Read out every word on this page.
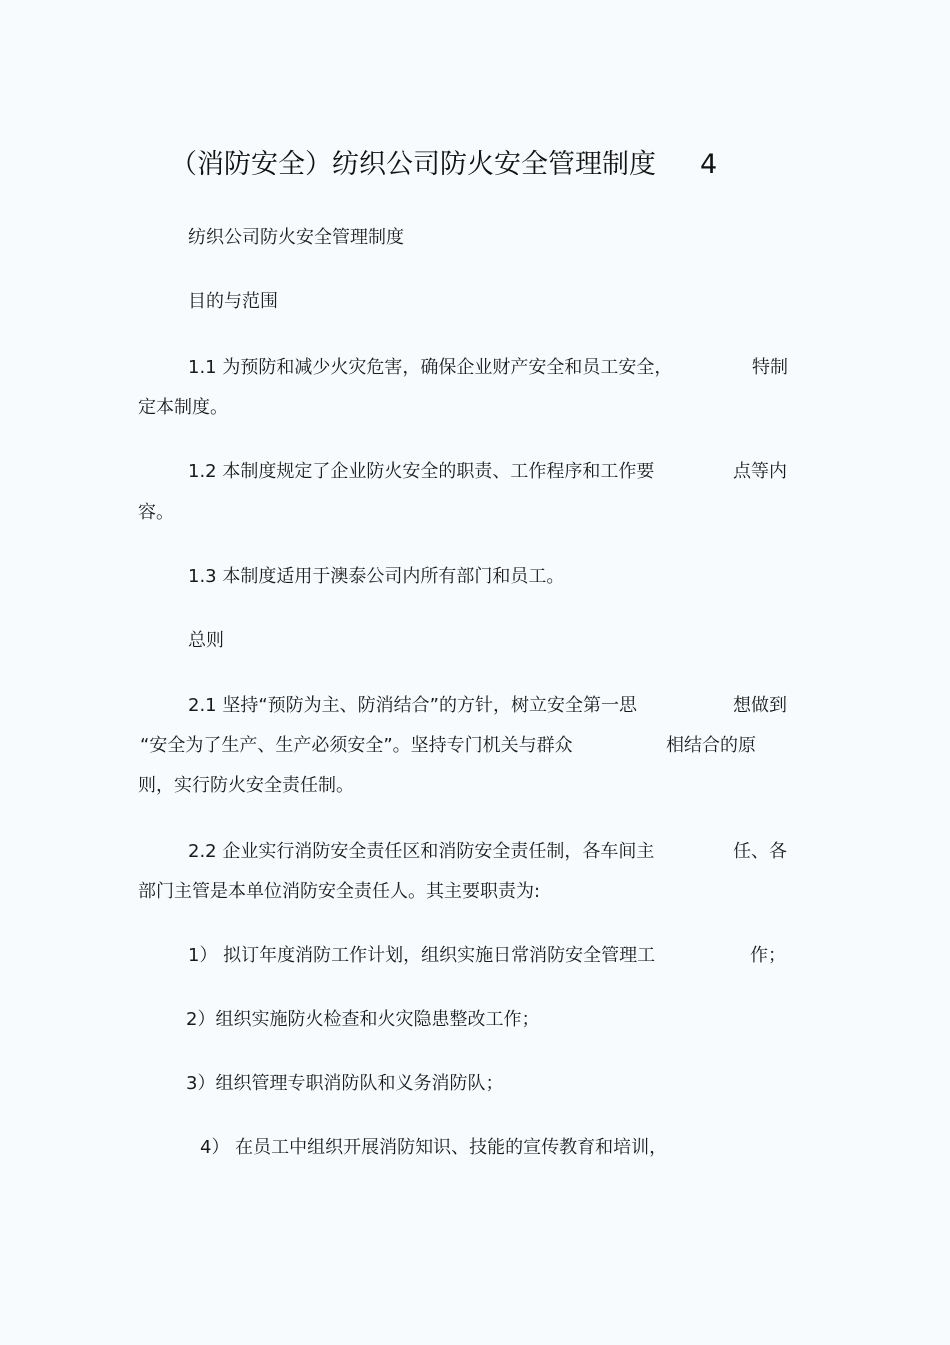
（消防安全）纺织公司防火安全管理制度 4
纺织公司防火安全管理制度
目的与范围
1.1 为预防和减少火灾危害，确保企业财产安全和员工安全，	特制
定本制度。
1.2 本制度规定了企业防火安全的职责、工作程序和工作要	点等内
容。
1.3 本制度适用于澳泰公司内所有部门和员工。
总则
2.1 坚持“预防为主、防消结合”的方针，树立安全第一思	想做到
“安全为了生产、生产必须安全”。坚持专门机关与群众	相结合的原
则，实行防火安全责任制。
2.2 企业实行消防安全责任区和消防安全责任制，各车间主	任、各
部门主管是本单位消防安全责任人。其主要职责为:
1） 拟订年度消防工作计划，组织实施日常消防安全管理工	作；
2）组织实施防火检查和火灾隐患整改工作；
3）组织管理专职消防队和义务消防队；
4） 在员工中组织开展消防知识、技能的宣传教育和培训，
